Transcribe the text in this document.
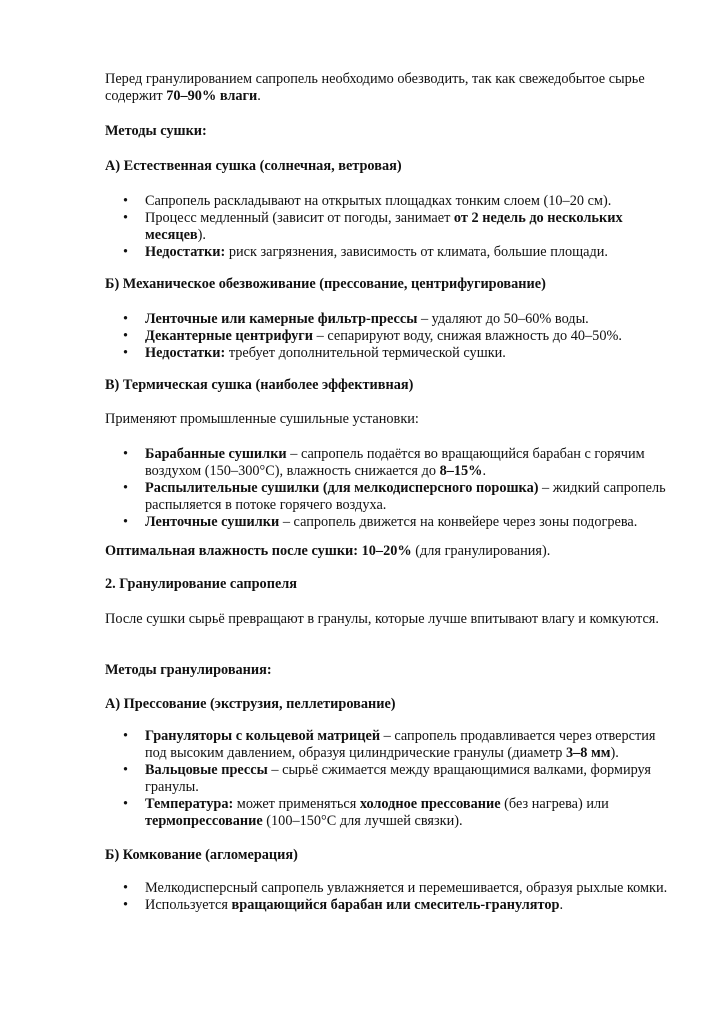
Перед гранулированием сапропель необходимо обезводить, так как свежедобытое сырье содержит 70–90% влаги.

Методы сушки:

А) Естественная сушка (солнечная, ветровая)

• Сапропель раскладывают на открытых площадках тонким слоем (10–20 см).
• Процесс медленный (зависит от погоды, занимает от 2 недель до нескольких месяцев).
• Недостатки: риск загрязнения, зависимость от климата, большие площади.

Б) Механическое обезвоживание (прессование, центрифугирование)

• Ленточные или камерные фильтр-прессы – удаляют до 50–60% воды.
• Декантерные центрифуги – сепарируют воду, снижая влажность до 40–50%.
• Недостатки: требует дополнительной термической сушки.

В) Термическая сушка (наиболее эффективная)

Применяют промышленные сушильные установки:

• Барабанные сушилки – сапропель подаётся во вращающийся барабан с горячим воздухом (150–300°C), влажность снижается до 8–15%.
• Распылительные сушилки (для мелкодисперсного порошка) – жидкий сапропель распыляется в потоке горячего воздуха.
• Ленточные сушилки – сапропель движется на конвейере через зоны подогрева.

Оптимальная влажность после сушки: 10–20% (для гранулирования).

2. Гранулирование сапропеля

После сушки сырьё превращают в гранулы, которые лучше впитывают влагу и комкуются.

Методы гранулирования:

А) Прессование (экструзия, пеллетирование)

• Грануляторы с кольцевой матрицей – сапропель продавливается через отверстия под высоким давлением, образуя цилиндрические гранулы (диаметр 3–8 мм).
• Вальцовые прессы – сырьё сжимается между вращающимися валками, формируя гранулы.
• Температура: может применяться холодное прессование (без нагрева) или термопрессование (100–150°C для лучшей связки).

Б) Комкование (агломерация)

• Мелкодисперсный сапропель увлажняется и перемешивается, образуя рыхлые комки.
• Используется вращающийся барабан или смеситель-гранулятор.
